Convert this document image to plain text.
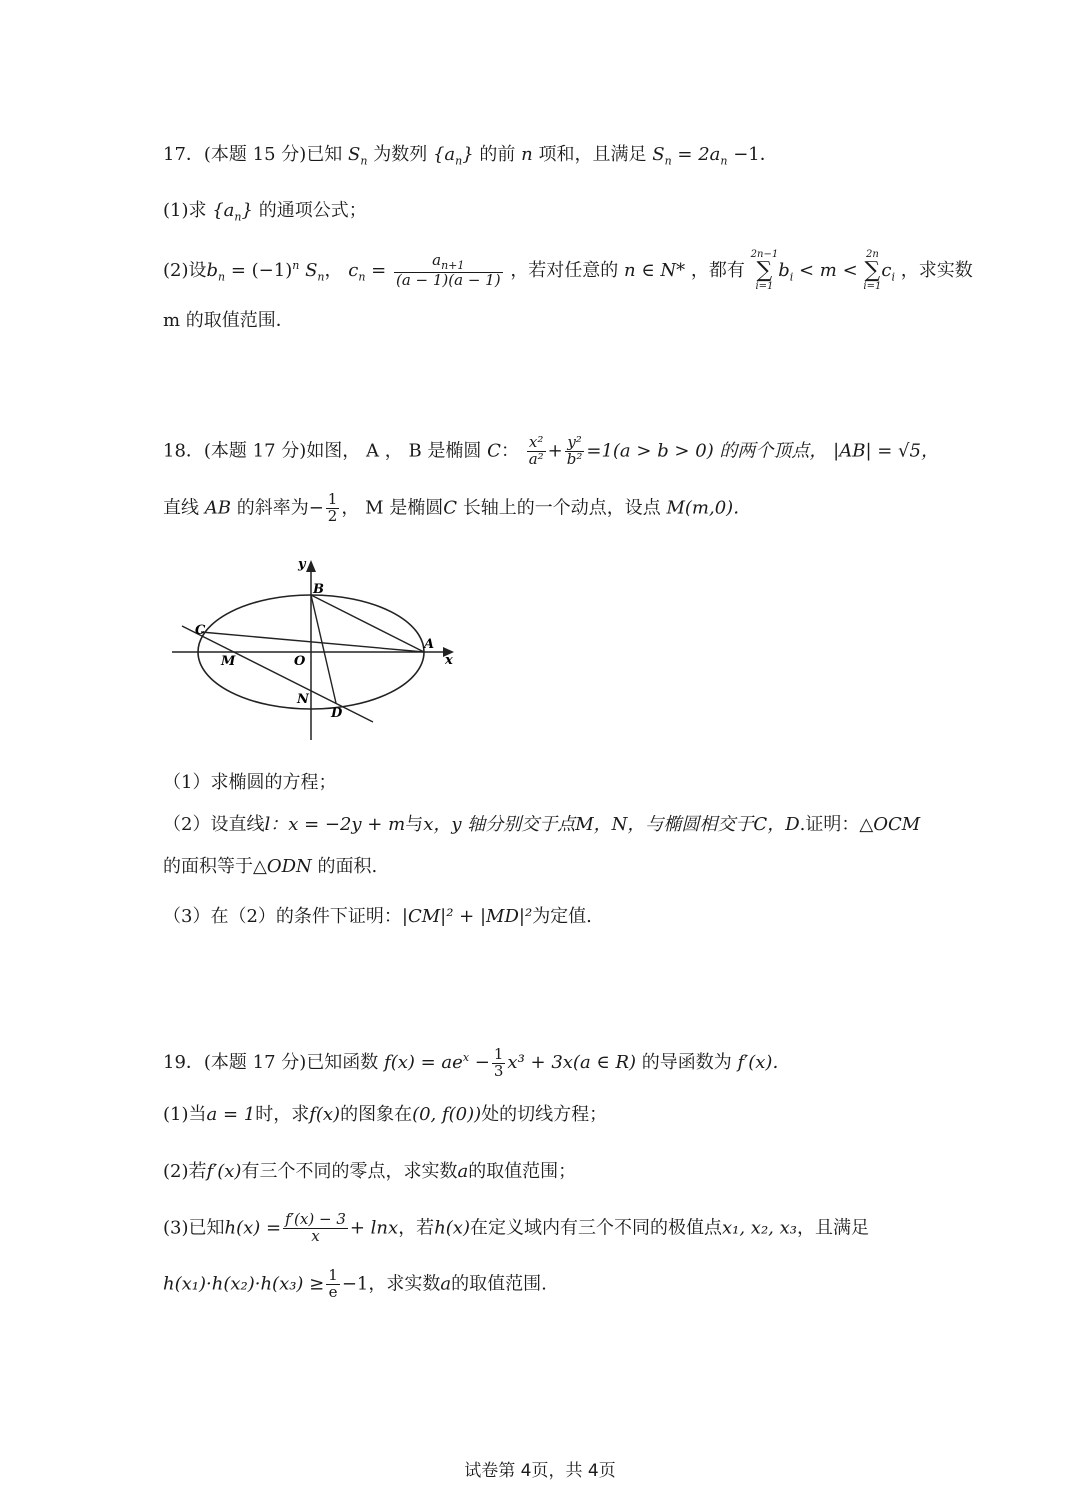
17．(本题 15 分)已知 $S_n$ 为数列 $\{a_n\}$ 的前 n 项和，且满足 $S_n = 2a_n -1$．
(1)求 $\{a_n\}$ 的通项公式；
(2)设$b_n = (-1)^n$ $S_n$， $c_n = \frac{a_{n+1}}{(a - 1)(a - 1)}$ ，若对任意的 n ∈ N* ，都有
2n−1
∑
i=1
$b_i < m$ <
2n
∑
i=1
$c_i$ ，求实数
m 的取值范围．
18．(本题 17 分)如图， A ， B 是椭圆 C： $\frac{\text{x²}}{\text{a²}} + \frac{\text{y²}}{\text{b²}} =1(a > b > 0)$ 的两个顶点， |AB| = √5，
直线 AB 的斜率为− $\frac{1}{2}$ ， M 是椭圆C 长轴上的一个动点，设点 M(m,0)．
y
x
B
A
C
M	O
N
D
（1）求椭圆的方程；
（2）设直线l：x = −2y + m与x，y 轴分别交于点M，N，与椭圆相交于C，D.证明：△OCM
的面积等于△ODN 的面积.
（3）在（2）的条件下证明：|CM|² + |MD|²为定值.
19．(本题 17 分)已知函数 $f(x) = ae^x - \frac{1}{3} x^3 + 3x(a$ ∈ R) 的导函数为 f′(x)．
(1)当a = 1时，求f(x)的图象在(0, f(0))处的切线方程；
(2)若f′(x)有三个不同的零点，求实数a的取值范围；
(3)已知$h(x) = \frac{f'(x) - 3}{x} + \ln x$，若h(x)在定义域内有三个不同的极值点x₁, x₂, x₃，且满足
$h(x_1)\cdot h(x_2)\cdot h(x_3) \ge \frac{1}{e} -1$，求实数a的取值范围.
试卷第 4页，共 4页
